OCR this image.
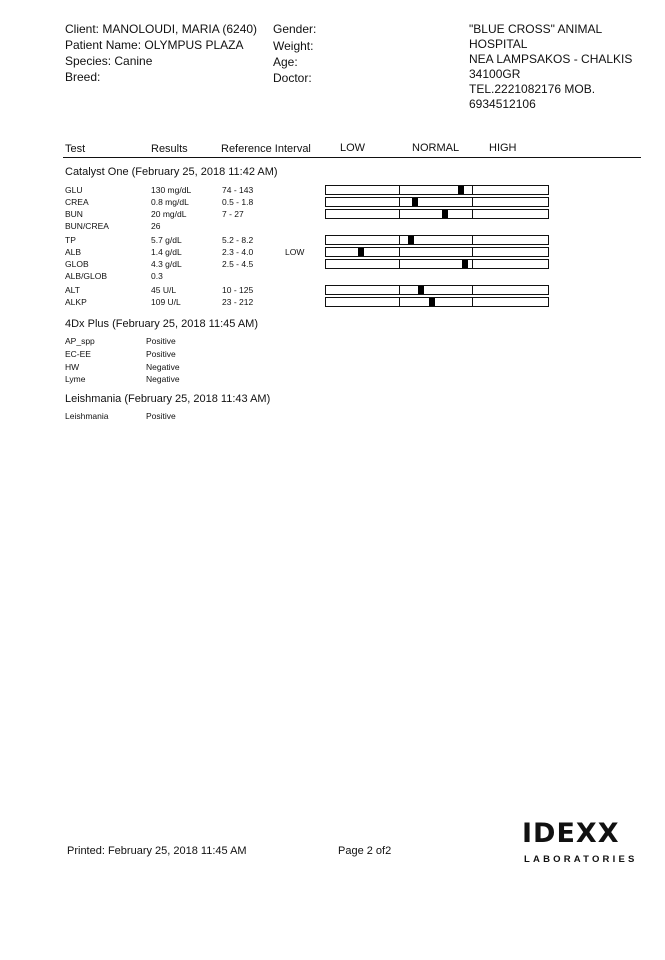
Client: MANOLOUDI, MARIA (6240)
Patient Name: OLYMPUS PLAZA
Species: Canine
Breed:
Gender:
Weight:
Age:
Doctor:
"BLUE CROSS" ANIMAL
HOSPITAL
NEA LAMPSAKOS - CHALKIS
34100GR
TEL.2221082176 MOB.
6934512106
Test	Results	Reference Interval	LOW	NORMAL	HIGH
Catalyst One (February 25, 2018 11:42 AM)
GLU	130 mg/dL	74 - 143
CREA	0.8 mg/dL	0.5 - 1.8
BUN	20 mg/dL	7 - 27
BUN/CREA	26
TP	5.7 g/dL	5.2 - 8.2
ALB	1.4 g/dL	2.3 - 4.0	LOW
GLOB	4.3 g/dL	2.5 - 4.5
ALB/GLOB	0.3
ALT	45 U/L	10 - 125
ALKP	109 U/L	23 - 212
4Dx Plus (February 25, 2018 11:45 AM)
AP_spp	Positive
EC-EE	Positive
HW	Negative
Lyme	Negative
Leishmania (February 25, 2018 11:43 AM)
Leishmania	Positive
Printed: February 25, 2018 11:45 AM	Page 2 of2
IDEXX
LABORATORIES
